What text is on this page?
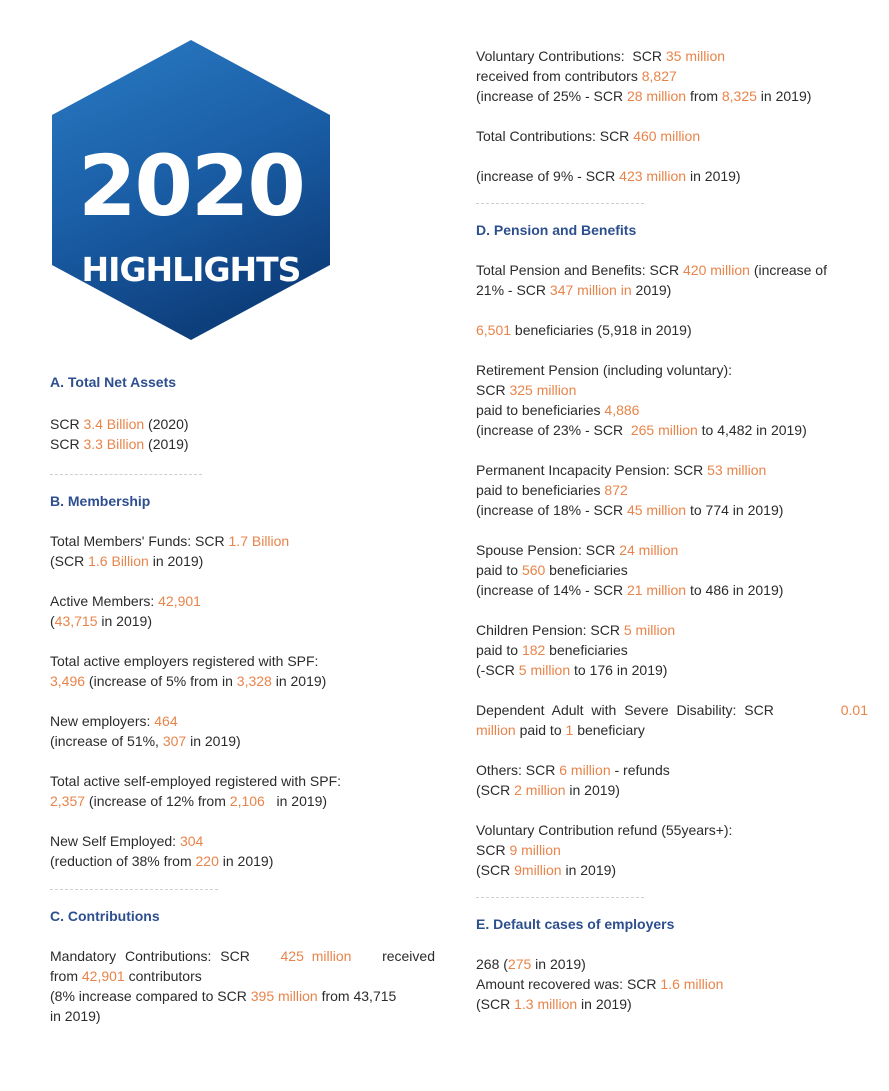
2020
HIGHLIGHTS
A. Total Net Assets
SCR 3.4 Billion (2020)
SCR 3.3 Billion (2019)
B. Membership
Total Members' Funds: SCR 1.7 Billion
(SCR 1.6 Billion in 2019)
Active Members: 42,901
(43,715 in 2019)
Total active employers registered with SPF:
3,496 (increase of 5% from in 3,328 in 2019)
New employers: 464
(increase of 51%, 307 in 2019)
Total active self-employed registered with SPF:
2,357 (increase of 12% from 2,106   in 2019)
New Self Employed: 304
(reduction of 38% from 220 in 2019)
C. Contributions
Mandatory Contributions: SCR 425 million received
from 42,901 contributors
(8% increase compared to SCR 395 million from 43,715
in 2019)
Voluntary Contributions:  SCR 35 million
received from contributors 8,827
(increase of 25% - SCR 28 million from 8,325 in 2019)
Total Contributions: SCR 460 million
(increase of 9% - SCR 423 million in 2019)
D. Pension and Benefits
Total Pension and Benefits: SCR 420 million (increase of
21% - SCR 347 million in 2019)
6,501 beneficiaries (5,918 in 2019)
Retirement Pension (including voluntary):
SCR 325 million
paid to beneficiaries 4,886
(increase of 23% - SCR  265 million to 4,482 in 2019)
Permanent Incapacity Pension: SCR 53 million
paid to beneficiaries 872
(increase of 18% - SCR 45 million to 774 in 2019)
Spouse Pension: SCR 24 million
paid to 560 beneficiaries
(increase of 14% - SCR 21 million to 486 in 2019)
Children Pension: SCR 5 million
paid to 182 beneficiaries
(-SCR 5 million to 176 in 2019)
Dependent Adult with Severe Disability: SCR	0.01
million paid to 1 beneficiary
Others: SCR 6 million - refunds
(SCR 2 million in 2019)
Voluntary Contribution refund (55years+):
SCR 9 million
(SCR 9million in 2019)
E. Default cases of employers
268 (275 in 2019)
Amount recovered was: SCR 1.6 million
(SCR 1.3 million in 2019)
